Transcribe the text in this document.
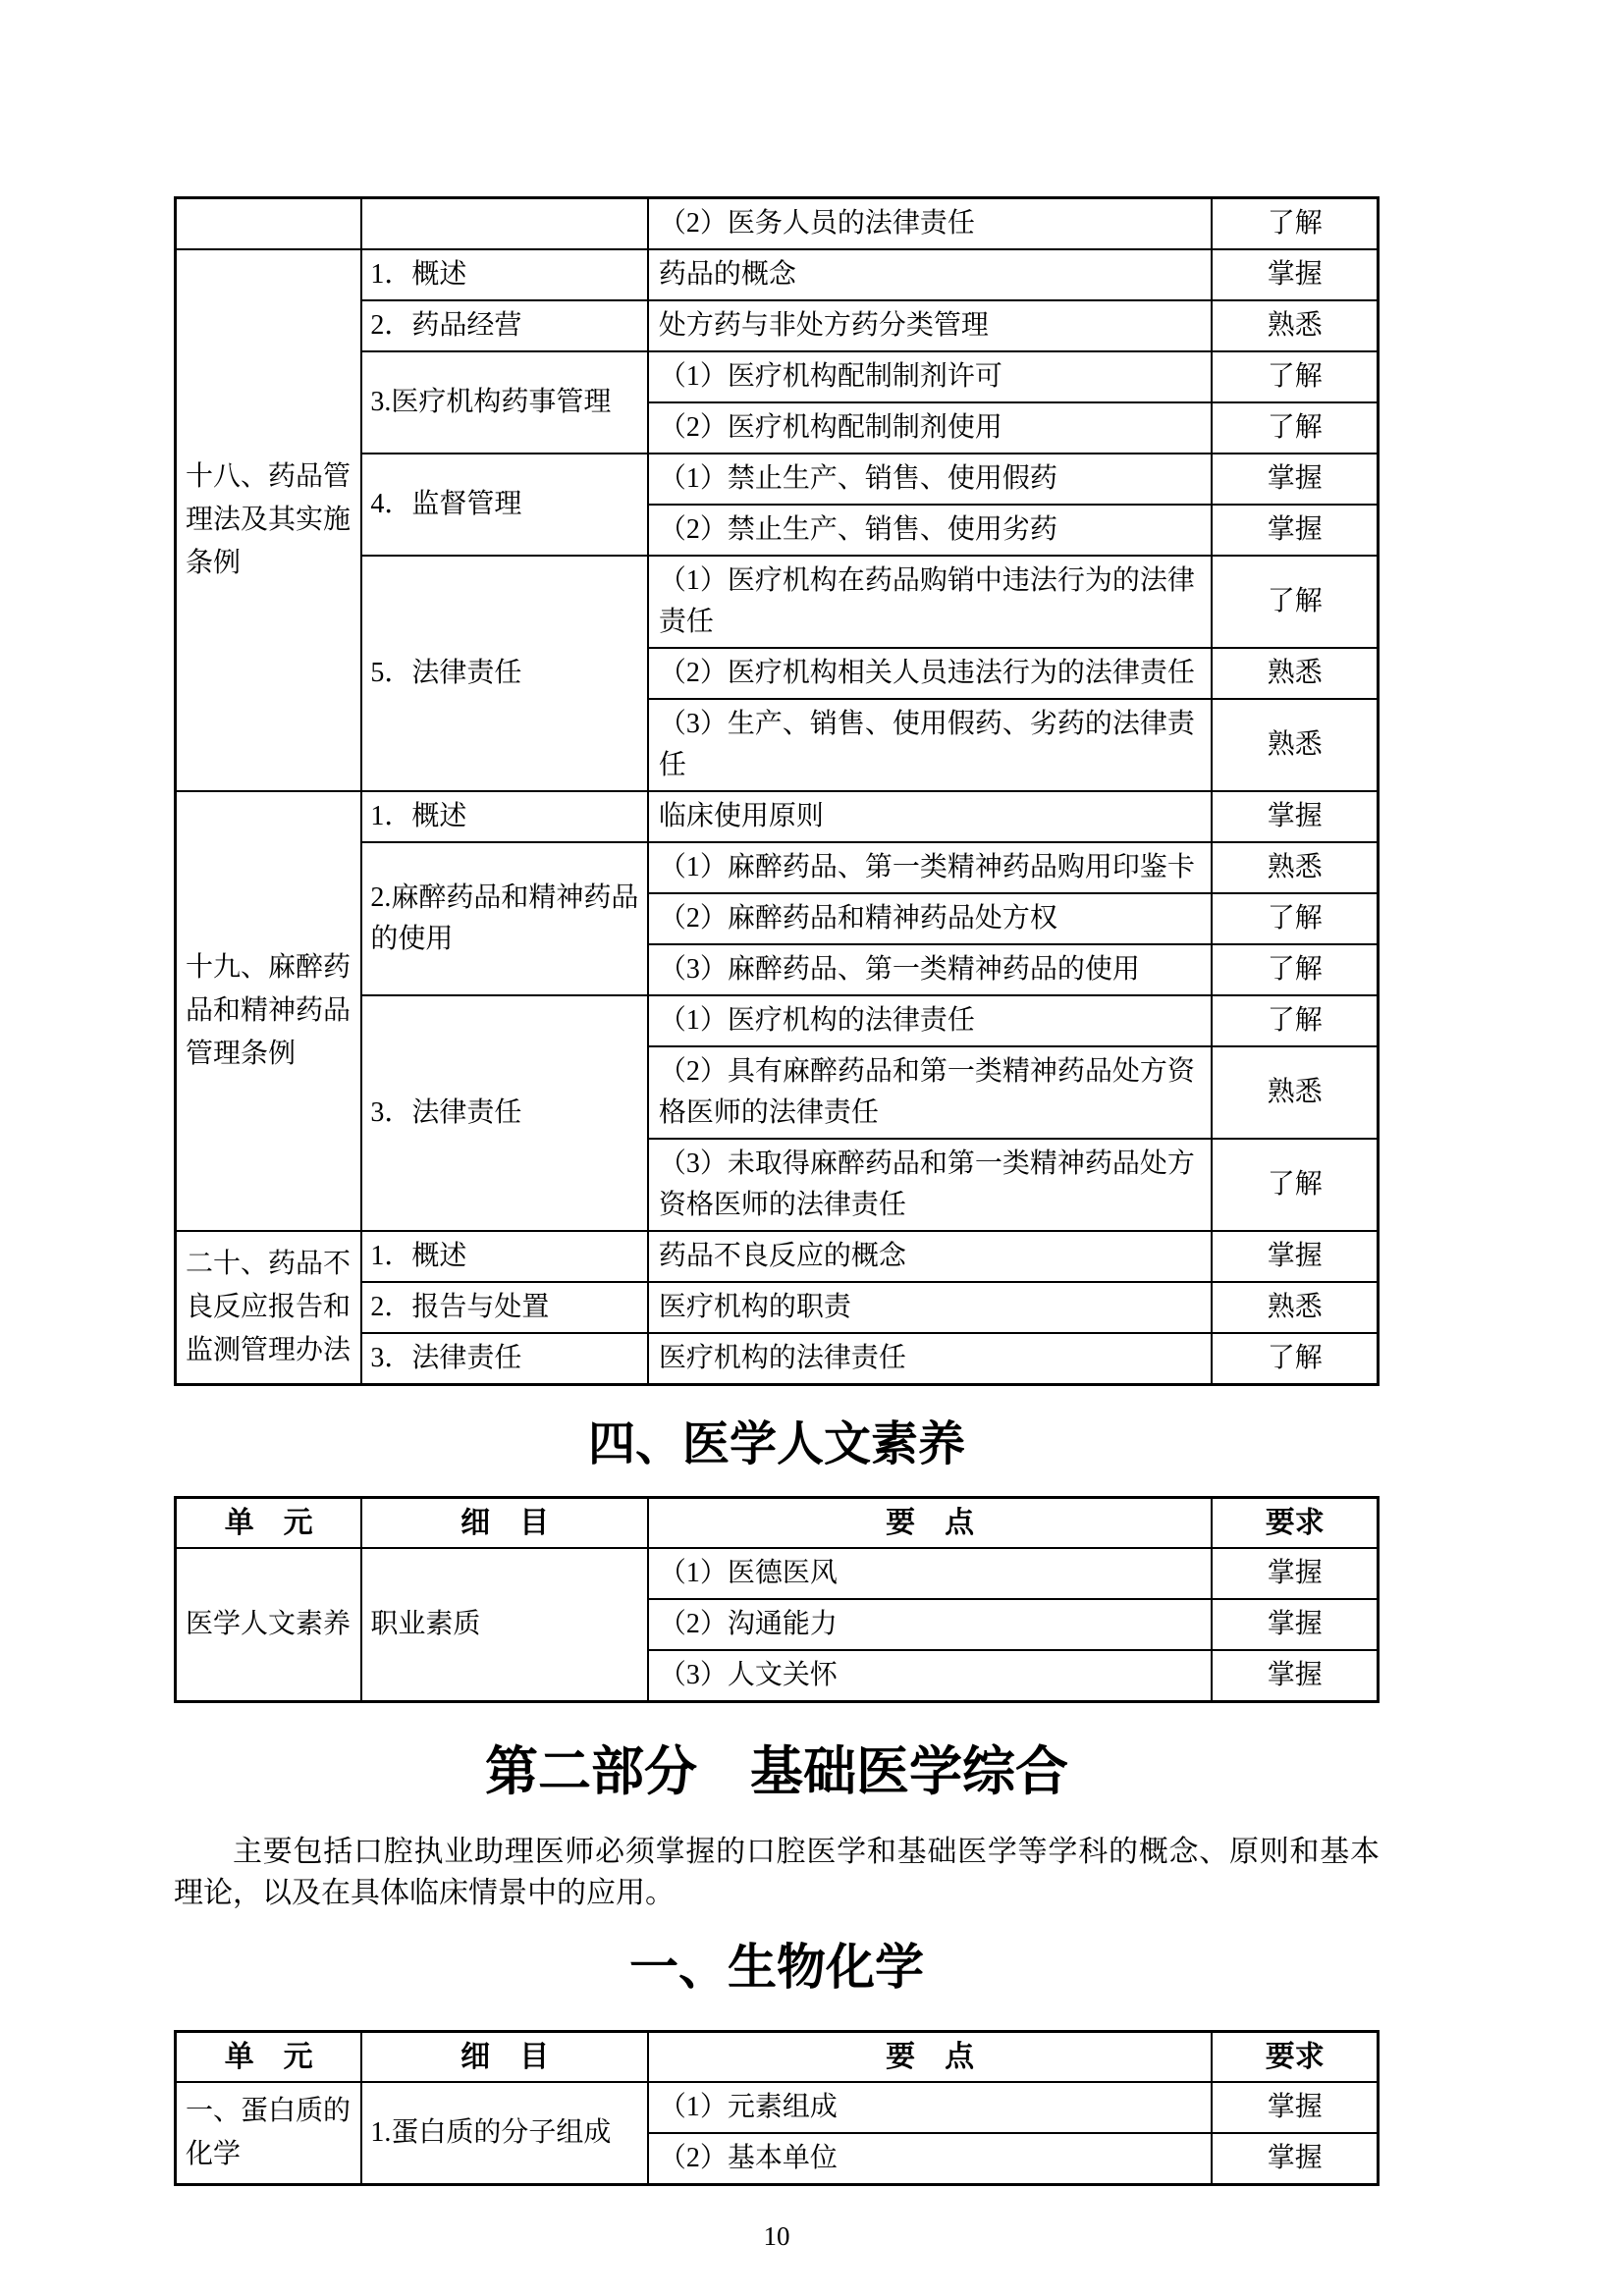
		（2）医务人员的法律责任	了解
十八、药品管理法及其实施条例	1．概述	药品的概念	掌握
	2．药品经营	处方药与非处方药分类管理	熟悉
	3.医疗机构药事管理	（1）医疗机构配制制剂许可	了解
		（2）医疗机构配制制剂使用	了解
	4．监督管理	（1）禁止生产、销售、使用假药	掌握
		（2）禁止生产、销售、使用劣药	掌握
	5．法律责任	（1）医疗机构在药品购销中违法行为的法律责任	了解
		（2）医疗机构相关人员违法行为的法律责任	熟悉
		（3）生产、销售、使用假药、劣药的法律责任	熟悉
十九、麻醉药品和精神药品管理条例	1．概述	临床使用原则	掌握
	2.麻醉药品和精神药品的使用	（1）麻醉药品、第一类精神药品购用印鉴卡	熟悉
		（2）麻醉药品和精神药品处方权	了解
		（3）麻醉药品、第一类精神药品的使用	了解
	3．法律责任	（1）医疗机构的法律责任	了解
		（2）具有麻醉药品和第一类精神药品处方资格医师的法律责任	熟悉
		（3）未取得麻醉药品和第一类精神药品处方资格医师的法律责任	了解
二十、药品不良反应报告和监测管理办法	1．概述	药品不良反应的概念	掌握
	2．报告与处置	医疗机构的职责	熟悉
	3．法律责任	医疗机构的法律责任	了解
四、医学人文素养
单　元	细　目	要　点	要求
医学人文素养	职业素质	（1）医德医风	掌握
		（2）沟通能力	掌握
		（3）人文关怀	掌握
第二部分　基础医学综合

主要包括口腔执业助理医师必须掌握的口腔医学和基础医学等学科的概念、原则和基本理论，以及在具体临床情景中的应用。

一、生物化学
单　元	细　目	要　点	要求
一、蛋白质的化学	1.蛋白质的分子组成	（1）元素组成	掌握
		（2）基本单位	掌握
10
